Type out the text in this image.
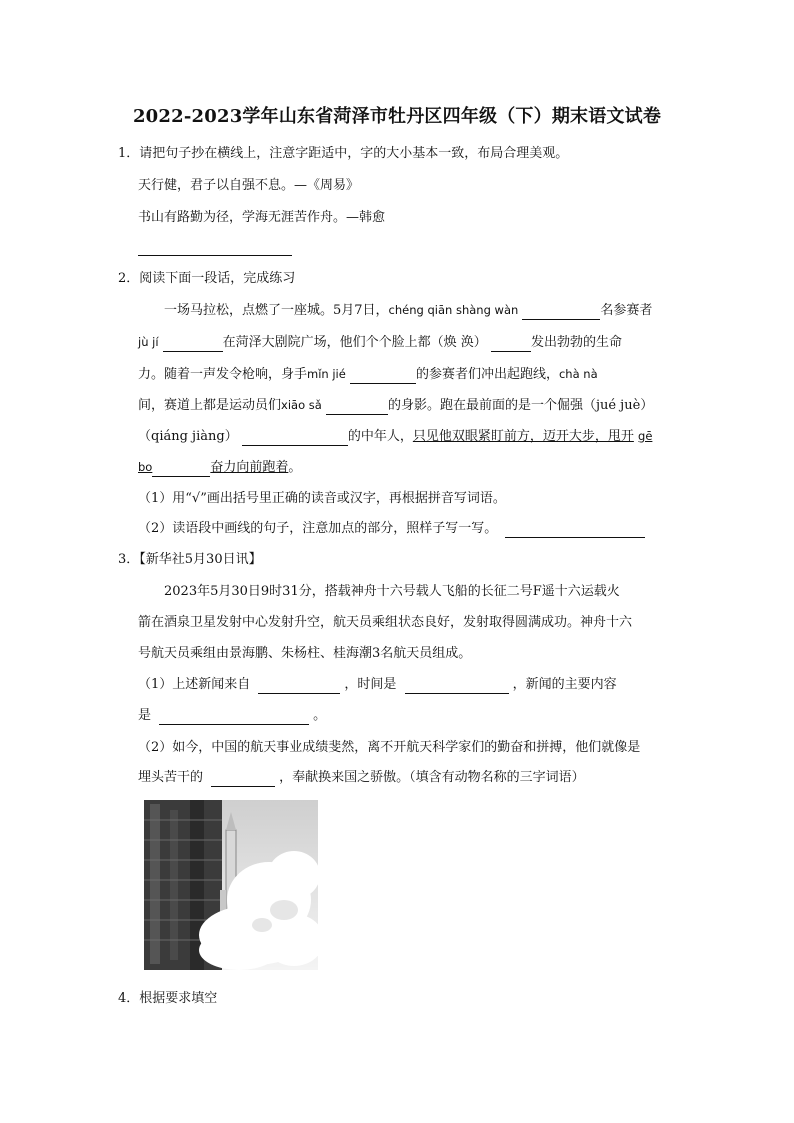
2022-2023学年山东省菏泽市牡丹区四年级（下）期末语文试卷
1．请把句子抄在横线上，注意字距适中，字的大小基本一致，布局合理美观。
天行健，君子以自强不息。—《周易》
书山有路勤为径，学海无涯苦作舟。—韩愈
2．阅读下面一段话，完成练习
一场马拉松，点燃了一座城。5月7日，chéng qiān shàng wàn	名参赛者
jù jí	在菏泽大剧院广场，他们个个脸上都（焕 涣）	发出勃勃的生命
力。随着一声发令枪响，身手mǐn jié	的参赛者们冲出起跑线，chà nà
间，赛道上都是运动员们xiāo sǎ	的身影。跑在最前面的是一个倔强（jué juè）
（qiáng jiàng）	的中年人，只见他双眼紧盯前方，迈开大步，甩开 gē
bo	奋力向前跑着。
（1）用“√”画出括号里正确的读音或汉字，再根据拼音写词语。
（2）读语段中画线的句子，注意加点的部分，照样子写一写。
3．【新华社5月30日讯】
2023年5月30日9时31分，搭载神舟十六号载人飞船的长征二号F遥十六运载火
箭在酒泉卫星发射中心发射升空，航天员乘组状态良好，发射取得圆满成功。神舟十六
号航天员乘组由景海鹏、朱杨柱、桂海潮3名航天员组成。
（1）上述新闻来自	，时间是	，新闻的主要内容
是	。
（2）如今，中国的航天事业成绩斐然，离不开航天科学家们的勤奋和拼搏，他们就像是
埋头苦干的	，奉献换来国之骄傲。（填含有动物名称的三字词语）
4．根据要求填空
